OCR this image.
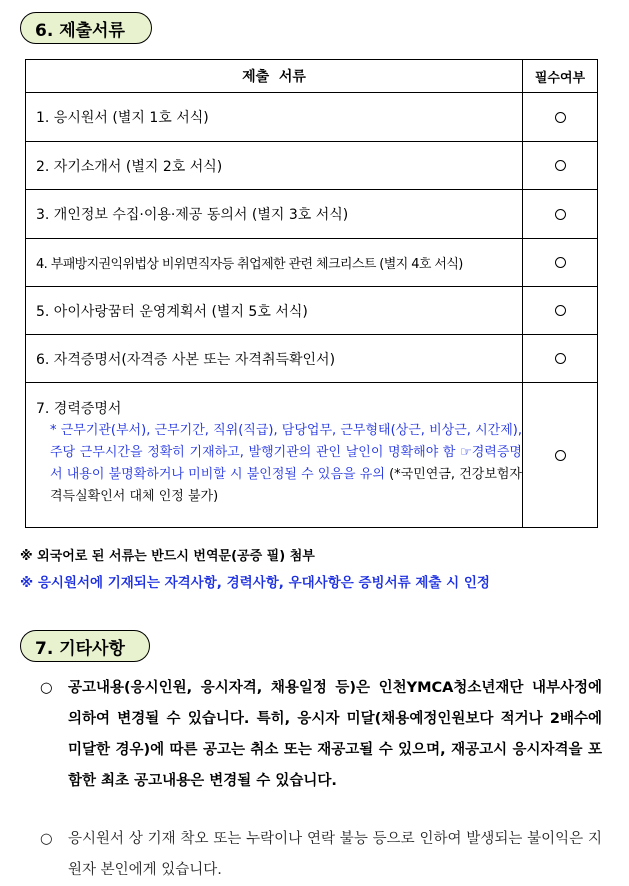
6. 제출서류
제출  서류	필수여부
1. 응시원서 (별지 1호 서식)
2. 자기소개서 (별지 2호 서식)
3. 개인정보 수집·이용·제공 동의서 (별지 3호 서식)
4. 부패방지권익위법상 비위면직자등 취업제한 관련 체크리스트 (별지 4호 서식)
5. 아이사랑꿈터 운영계획서 (별지 5호 서식)
6. 자격증명서(자격증 사본 또는 자격취득확인서)
7. 경력증명서
* 근무기관(부서), 근무기간, 직위(직급), 담당업무, 근무형태(상근, 비상근, 시간제), 주당 근무시간을 정확히 기재하고, 발행기관의 관인 날인이 명확해야 함 ☞경력증명서 내용이 불명확하거나 미비할 시 불인정될 수 있음을 유의 (*국민연금, 건강보험자격득실확인서 대체 인정 불가)
※ 외국어로 된 서류는 반드시 번역문(공증 필) 첨부
※ 응시원서에 기재되는 자격사항, 경력사항, 우대사항은 증빙서류 제출 시 인정
7. 기타사항
○ 공고내용(응시인원, 응시자격, 채용일정 등)은 인천YMCA청소년재단 내부사정에 의하여 변경될 수 있습니다. 특히, 응시자 미달(채용예정인원보다 적거나 2배수에 미달한 경우)에 따른 공고는 취소 또는 재공고될 수 있으며, 재공고시 응시자격을 포함한 최초 공고내용은 변경될 수 있습니다.
○ 응시원서 상 기재 착오 또는 누락이나 연락 불능 등으로 인하여 발생되는 불이익은 지원자 본인에게 있습니다.
